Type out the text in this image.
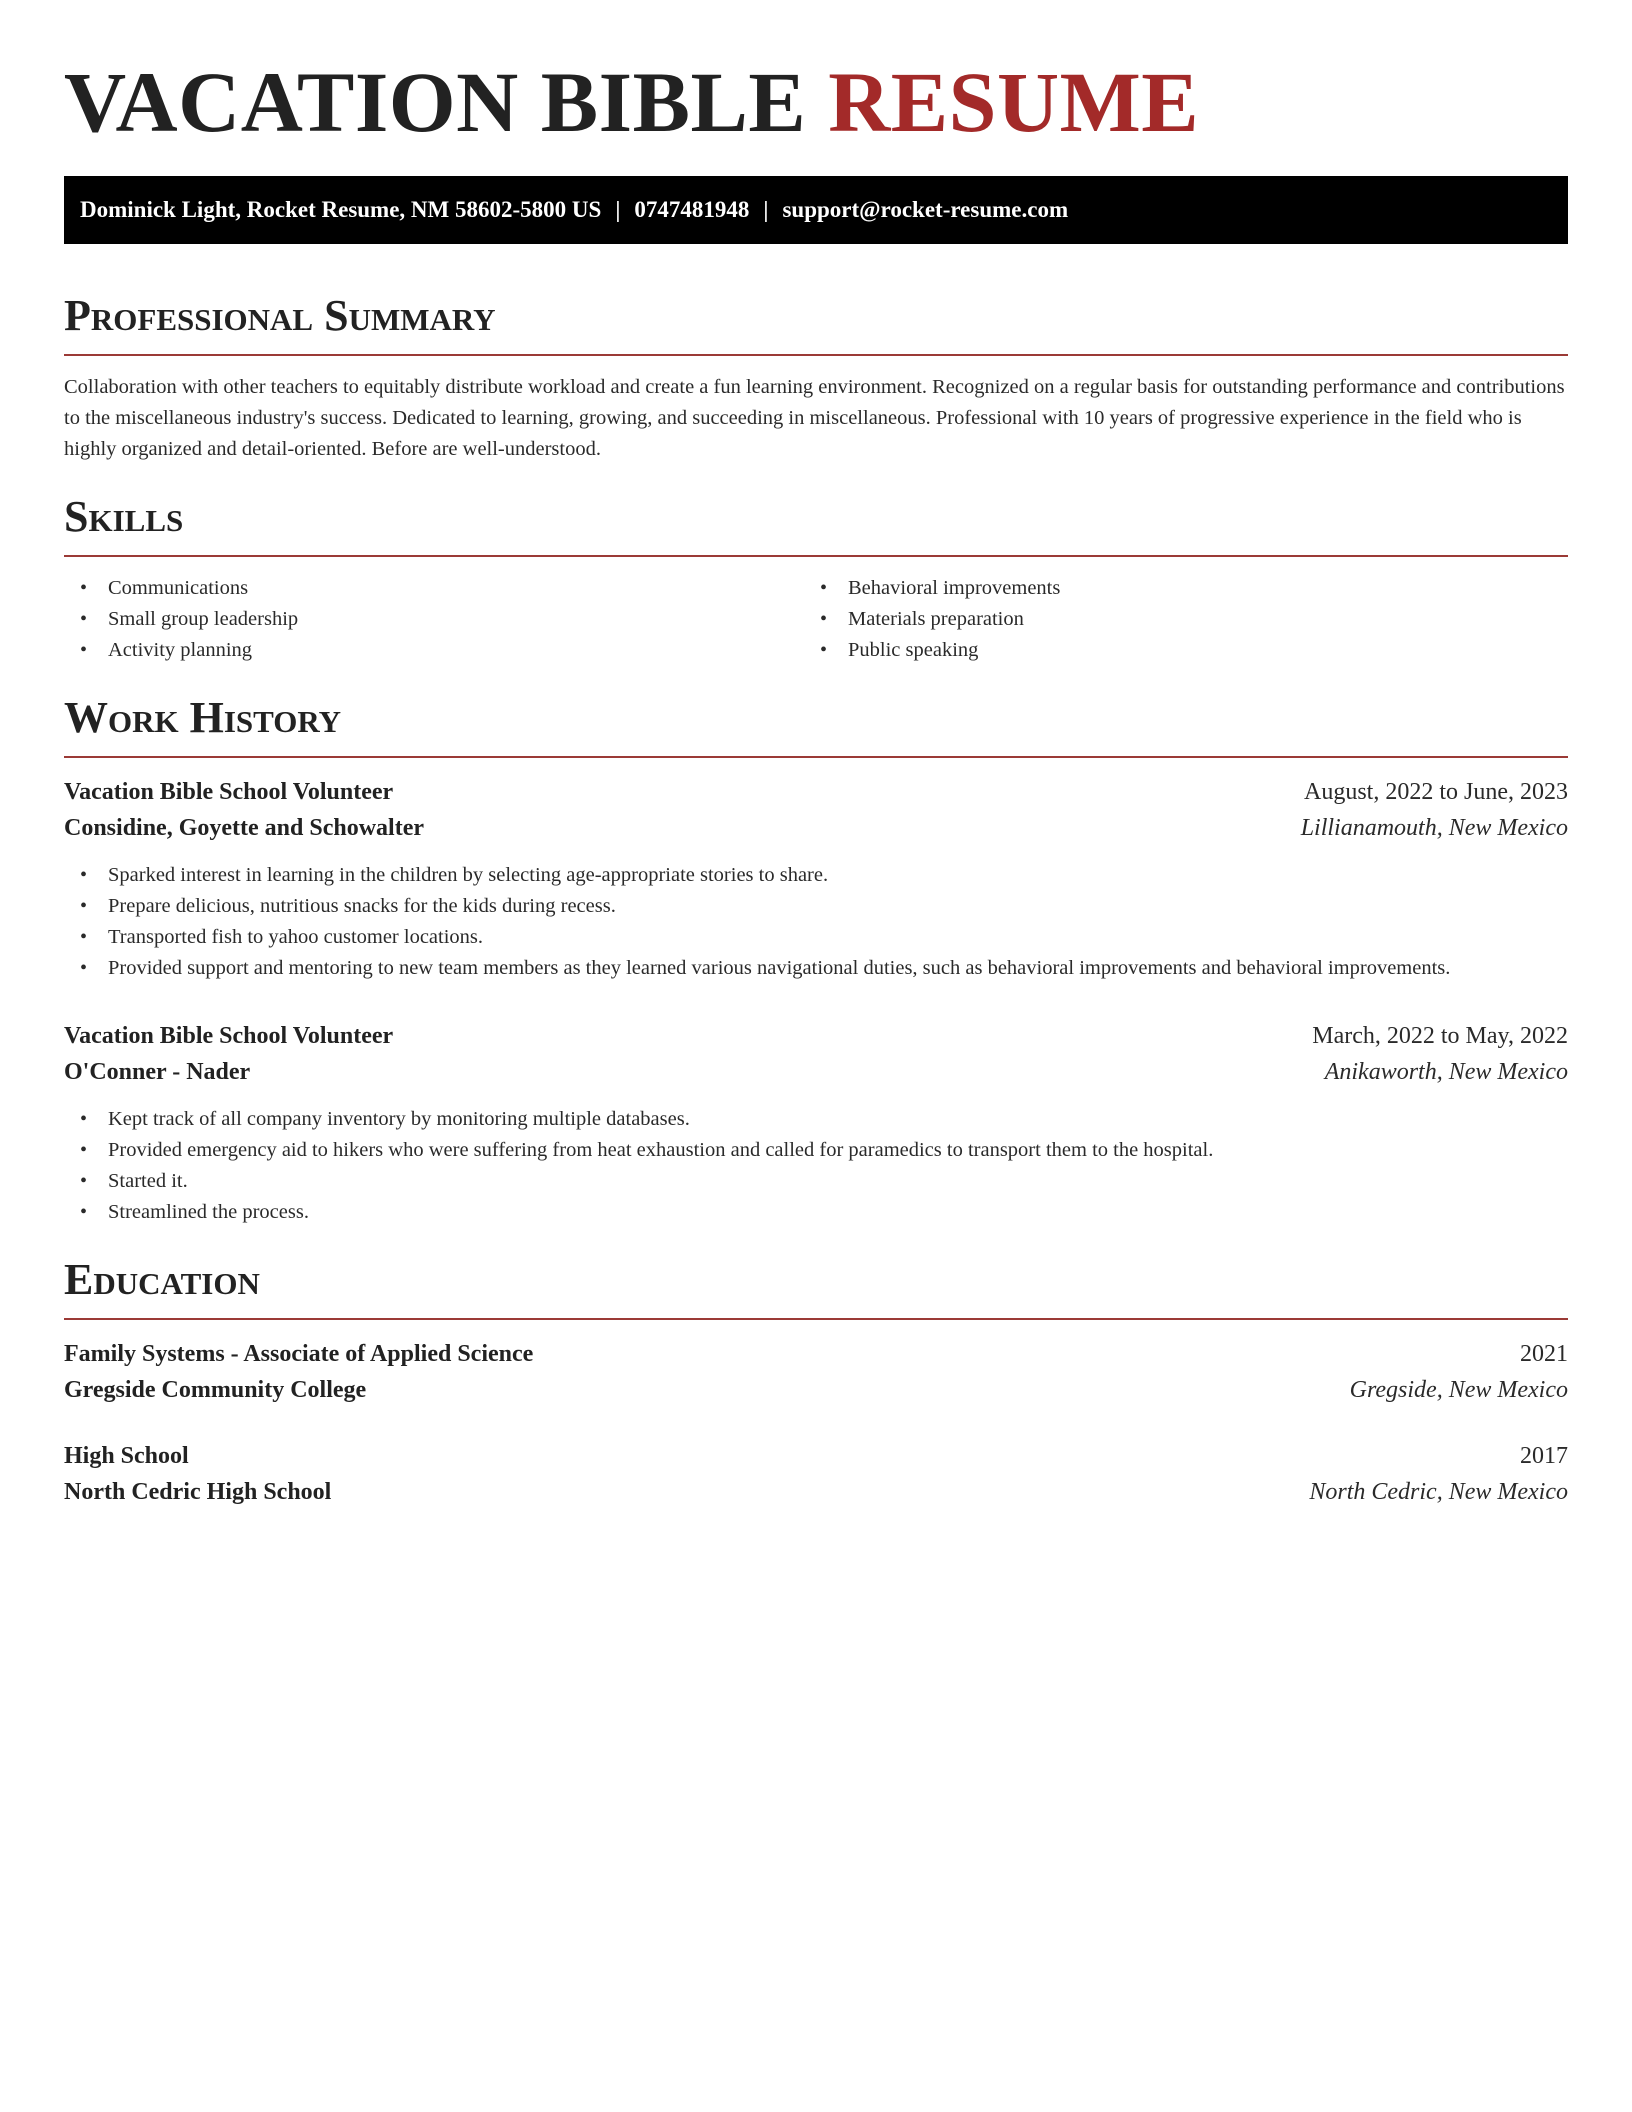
VACATION BIBLE RESUME
Dominick Light, Rocket Resume, NM 58602-5800 US | 0747481948 | support@rocket-resume.com
Professional Summary
Collaboration with other teachers to equitably distribute workload and create a fun learning environment. Recognized on a regular basis for outstanding performance and contributions to the miscellaneous industry's success. Dedicated to learning, growing, and succeeding in miscellaneous. Professional with 10 years of progressive experience in the field who is highly organized and detail-oriented. Before are well-understood.
Skills
• Communications
• Small group leadership
• Activity planning
• Behavioral improvements
• Materials preparation
• Public speaking
Work History
Vacation Bible School Volunteer	August, 2022 to June, 2023
Considine, Goyette and Schowalter	Lillianamouth, New Mexico
• Sparked interest in learning in the children by selecting age-appropriate stories to share.
• Prepare delicious, nutritious snacks for the kids during recess.
• Transported fish to yahoo customer locations.
• Provided support and mentoring to new team members as they learned various navigational duties, such as behavioral improvements and behavioral improvements.
Vacation Bible School Volunteer	March, 2022 to May, 2022
O'Conner - Nader	Anikaworth, New Mexico
• Kept track of all company inventory by monitoring multiple databases.
• Provided emergency aid to hikers who were suffering from heat exhaustion and called for paramedics to transport them to the hospital.
• Started it.
• Streamlined the process.
Education
Family Systems - Associate of Applied Science	2021
Gregside Community College	Gregside, New Mexico
High School	2017
North Cedric High School	North Cedric, New Mexico
